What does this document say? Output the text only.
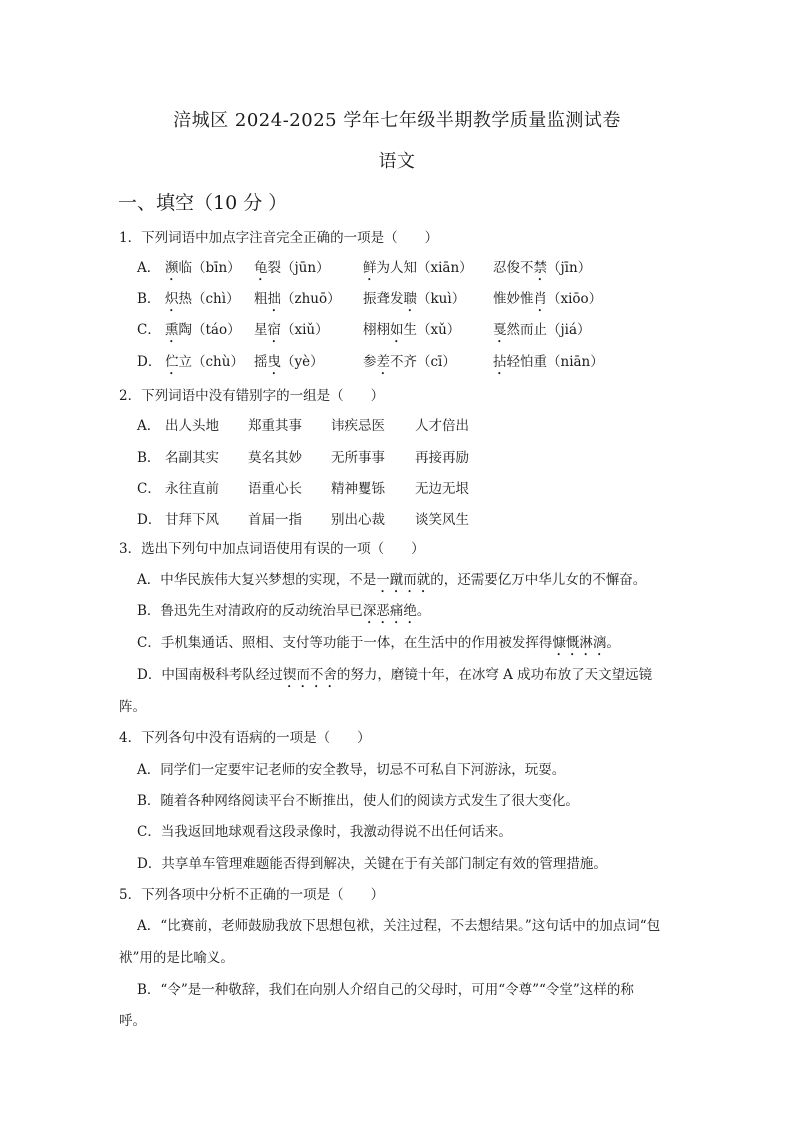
涪城区 2024-2025 学年七年级半期教学质量监测试卷
语文
一、填空（10 分 ）
1．下列词语中加点字注音完全正确的一项是（　　）
A． 濒临（bīn） 龟裂（jūn） 鲜为人知（xiān） 忍俊不禁（jīn）
B． 炽热（chì） 粗拙（zhuō） 振聋发聩（kuì） 惟妙惟肖（xiōo）
C． 熏陶（táo） 星宿（xiǔ）	栩栩如生（xǔ） 戛然而止（jiá）
D． 伫立（chù） 摇曳（yè）	参差不齐（cī）	拈轻怕重（niān）
2．下列词语中没有错别字的一组是（　　）
A． 出人头地 郑重其事 讳疾忌医 人才倍出
B． 名副其实 莫名其妙 无所事事 再接再励
C． 永往直前 语重心长 精神矍铄 无边无垠
D． 甘拜下风 首届一指 别出心裁 谈笑风生
3．选出下列句中加点词语使用有误的一项（　　）
A．中华民族伟大复兴梦想的实现，不是一蹴而就的，还需要亿万中华儿女的不懈奋。
B．鲁迅先生对清政府的反动统治早已深恶痛绝。
C．手机集通话、照相、支付等功能于一体，在生活中的作用被发挥得慷慨淋漓。
D．中国南极科考队经过锲而不舍的努力，磨镜十年，在冰穹 A 成功布放了天文望远镜
阵。
4．下列各句中没有语病的一项是（　　）
A．同学们一定要牢记老师的安全教导，切忌不可私自下河游泳，玩耍。
B．随着各种网络阅读平台不断推出，使人们的阅读方式发生了很大变化。
C．当我返回地球观看这段录像时，我激动得说不出任何话来。
D．共享单车管理难题能否得到解决，关键在于有关部门制定有效的管理措施。
5．下列各项中分析不正确的一项是（　　）
A．“比赛前，老师鼓励我放下思想包袱，关注过程，不去想结果。”这句话中的加点词“包
袱”用的是比喻义。
B．“令”是一种敬辞，我们在向别人介绍自己的父母时，可用“令尊”“令堂”这样的称
呼。
